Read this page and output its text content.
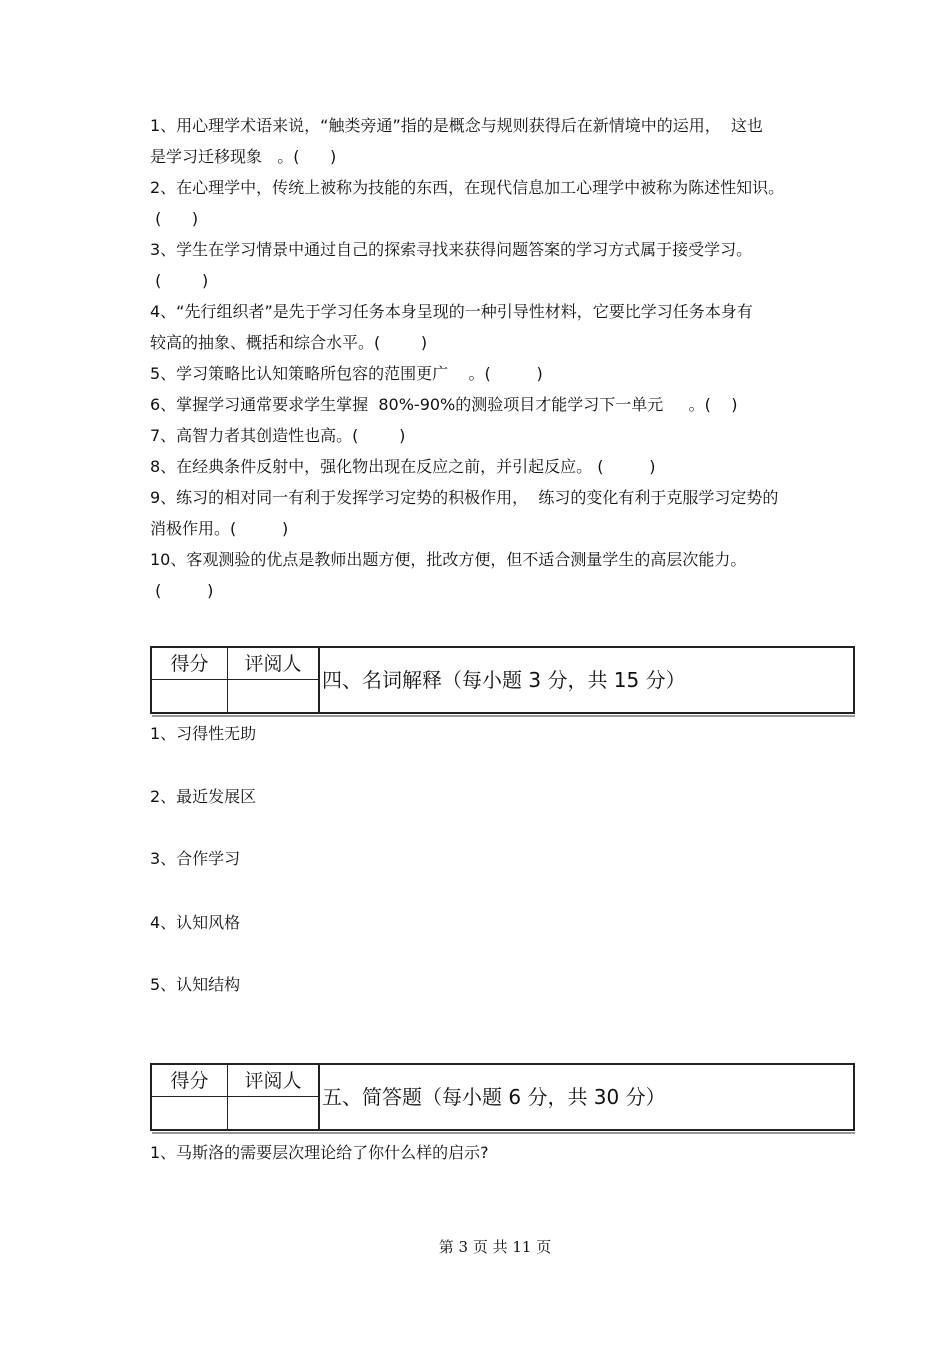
1、用心理学术语来说，“触类旁通”指的是概念与规则获得后在新情境中的运用，  这也

是学习迁移现象   。(      )

2、在心理学中，传统上被称为技能的东西，在现代信息加工心理学中被称为陈述性知识。

(      )

3、学生在学习情景中通过自己的探索寻找来获得问题答案的学习方式属于接受学习。

(        )

4、“先行组织者”是先于学习任务本身呈现的一种引导性材料，它要比学习任务本身有

较高的抽象、概括和综合水平。(        )

5、学习策略比认知策略所包容的范围更广    。(         )

6、掌握学习通常要求学生掌握  80%-90%的测验项目才能学习下一单元     。(    )

7、高智力者其创造性也高。(        )

8、在经典条件反射中，强化物出现在反应之前，并引起反应。 (         )

9、练习的相对同一有利于发挥学习定势的积极作用，  练习的变化有利于克服学习定势的

消极作用。(         )

10、客观测验的优点是教师出题方便，批改方便，但不适合测量学生的高层次能力。

(         )

得分	评阅人
四、名词解释（每小题 3 分，共 15 分）
1、习得性无助
2、最近发展区
3、合作学习
4、认知风格
5、认知结构
得分	评阅人
五、简答题（每小题 6 分，共 30 分）
1、马斯洛的需要层次理论给了你什么样的启示?
第 3 页 共 11 页
